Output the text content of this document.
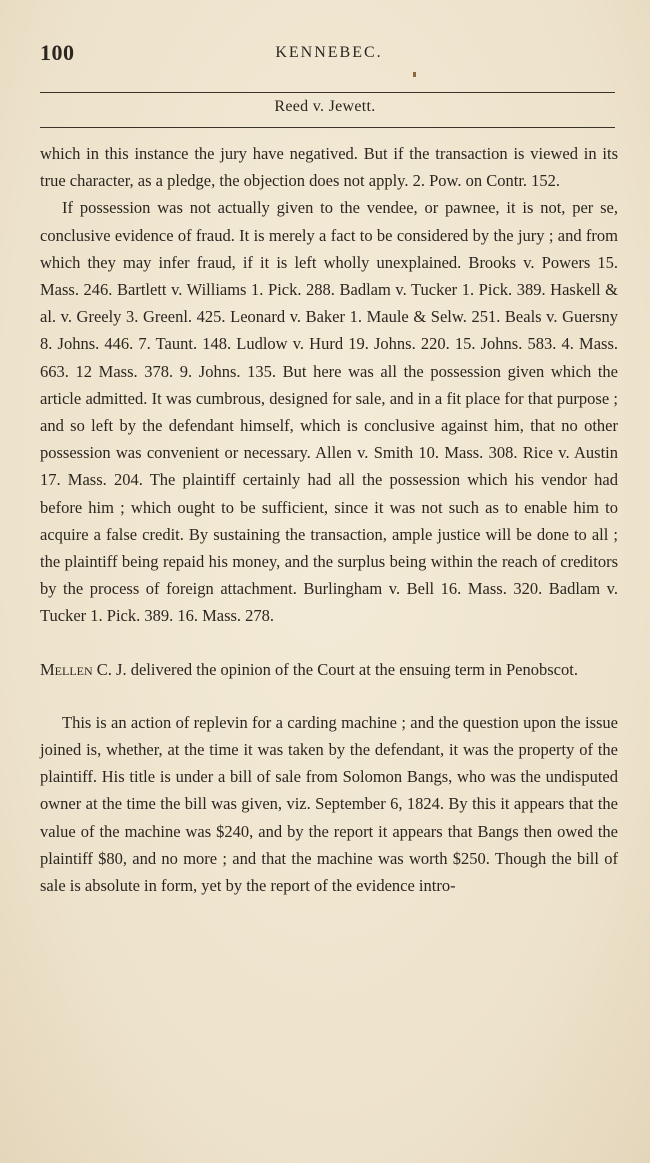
100	KENNEBEC.
Reed v. Jewett.

which in this instance the jury have negatived. But if the transaction is viewed in its true character, as a pledge, the objection does not apply. 2. Pow. on Contr. 152.

If possession was not actually given to the vendee, or pawnee, it is not, per se, conclusive evidence of fraud. It is merely a fact to be considered by the jury ; and from which they may infer fraud, if it is left wholly unexplained. Brooks v. Powers 15. Mass. 246. Bartlett v. Williams 1. Pick. 288. Badlam v. Tucker 1. Pick. 389. Haskell & al. v. Greely 3. Greenl. 425. Leonard v. Baker 1. Maule & Selw. 251. Beals v. Guersny 8. Johns. 446. 7. Taunt. 148. Ludlow v. Hurd 19. Johns. 220. 15. Johns. 583. 4. Mass. 663. 12 Mass. 378. 9. Johns. 135. But here was all the possession given which the article admitted. It was cumbrous, designed for sale, and in a fit place for that purpose ; and so left by the defendant himself, which is conclusive against him, that no other possession was convenient or necessary. Allen v. Smith 10. Mass. 308. Rice v. Austin 17. Mass. 204. The plaintiff certainly had all the possession which his vendor had before him ; which ought to be sufficient, since it was not such as to enable him to acquire a false credit. By sustaining the transaction, ample justice will be done to all ; the plaintiff being repaid his money, and the surplus being within the reach of creditors by the process of foreign attachment. Burlingham v. Bell 16. Mass. 320. Badlam v. Tucker 1. Pick. 389. 16. Mass. 278.

Mellen C. J. delivered the opinion of the Court at the ensuing term in Penobscot.

This is an action of replevin for a carding machine ; and the question upon the issue joined is, whether, at the time it was taken by the defendant, it was the property of the plaintiff. His title is under a bill of sale from Solomon Bangs, who was the undisputed owner at the time the bill was given, viz. September 6, 1824. By this it appears that the value of the machine was $240, and by the report it appears that Bangs then owed the plaintiff $80, and no more ; and that the machine was worth $250. Though the bill of sale is absolute in form, yet by the report of the evidence intro-
